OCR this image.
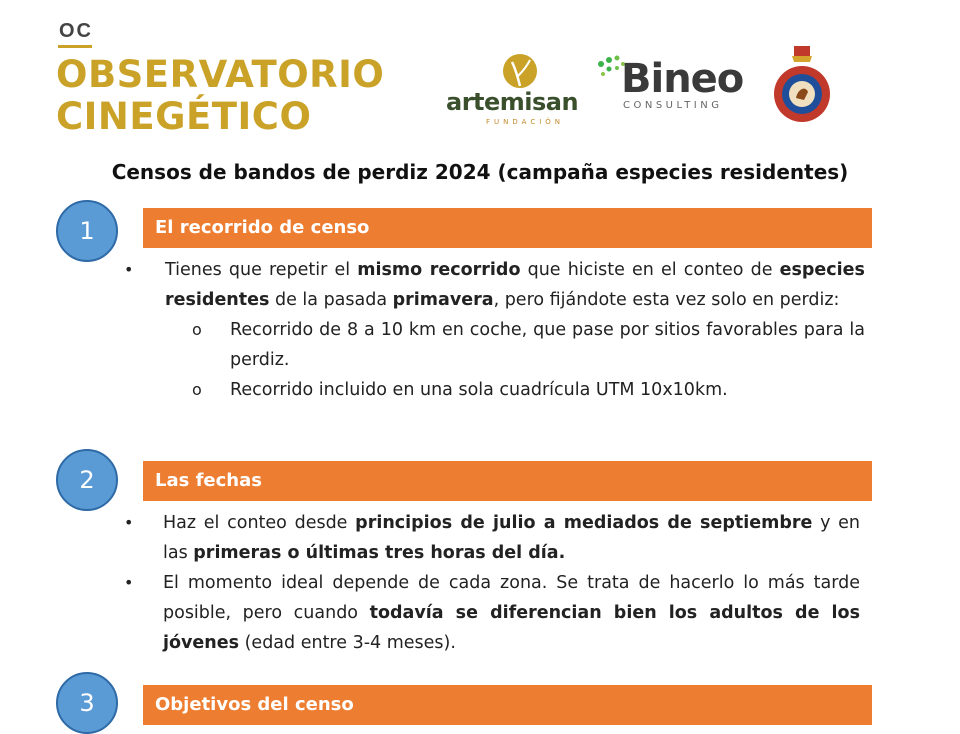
OC
OBSERVATORIO
CINEGÉTICO	artemisan
FUNDACIÓN
Bineo
CONSULTING
Censos de bandos de perdiz 2024 (campaña especies residentes)
1	El recorrido de censo
• Tienes que repetir el mismo recorrido que hiciste en el conteo de especies residentes de la pasada primavera, pero fijándote esta vez solo en perdiz:
o Recorrido de 8 a 10 km en coche, que pase por sitios favorables para la perdiz.
o Recorrido incluido en una sola cuadrícula UTM 10x10km.
2	Las fechas
• Haz el conteo desde principios de julio a mediados de septiembre y en las primeras o últimas tres horas del día.
• El momento ideal depende de cada zona. Se trata de hacerlo lo más tarde posible, pero cuando todavía se diferencian bien los adultos de los jóvenes (edad entre 3-4 meses).
3	Objetivos del censo
